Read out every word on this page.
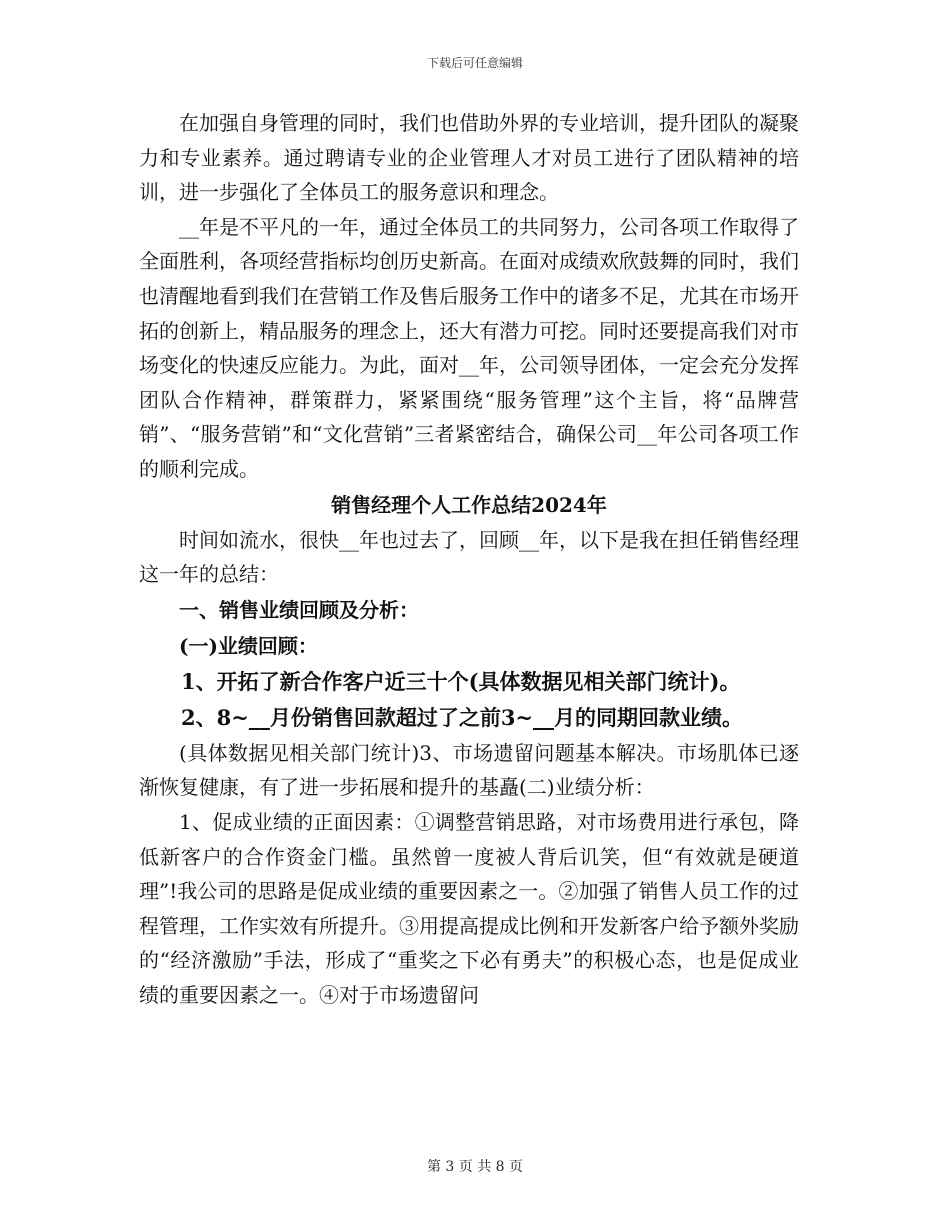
下载后可任意编辑

在加强自身管理的同时，我们也借助外界的专业培训，提升团队的凝聚力和专业素养。通过聘请专业的企业管理人才对员工进行了团队精神的培训，进一步强化了全体员工的服务意识和理念。

__年是不平凡的一年，通过全体员工的共同努力，公司各项工作取得了全面胜利，各项经营指标均创历史新高。在面对成绩欢欣鼓舞的同时，我们也清醒地看到我们在营销工作及售后服务工作中的诸多不足，尤其在市场开拓的创新上，精品服务的理念上，还大有潜力可挖。同时还要提高我们对市场变化的快速反应能力。为此，面对__年，公司领导团体，一定会充分发挥团队合作精神，群策群力，紧紧围绕“服务管理”这个主旨，将“品牌营销”、“服务营销”和“文化营销”三者紧密结合，确保公司__年公司各项工作的顺利完成。

销售经理个人工作总结2024年

时间如流水，很快__年也过去了，回顾__年，以下是我在担任销售经理这一年的总结：

一、销售业绩回顾及分析：

(一)业绩回顾：

1、开拓了新合作客户近三十个(具体数据见相关部门统计)。

2、8~__月份销售回款超过了之前3~__月的同期回款业绩。

(具体数据见相关部门统计)3、市场遗留问题基本解决。市场肌体已逐渐恢复健康，有了进一步拓展和提升的基矗(二)业绩分析：

1、促成业绩的正面因素：①调整营销思路，对市场费用进行承包，降低新客户的合作资金门槛。虽然曾一度被人背后讥笑，但“有效就是硬道理”!我公司的思路是促成业绩的重要因素之一。②加强了销售人员工作的过程管理，工作实效有所提升。③用提高提成比例和开发新客户给予额外奖励的“经济激励”手法，形成了“重奖之下必有勇夫”的积极心态，也是促成业绩的重要因素之一。④对于市场遗留问

第 3 页 共 8 页
